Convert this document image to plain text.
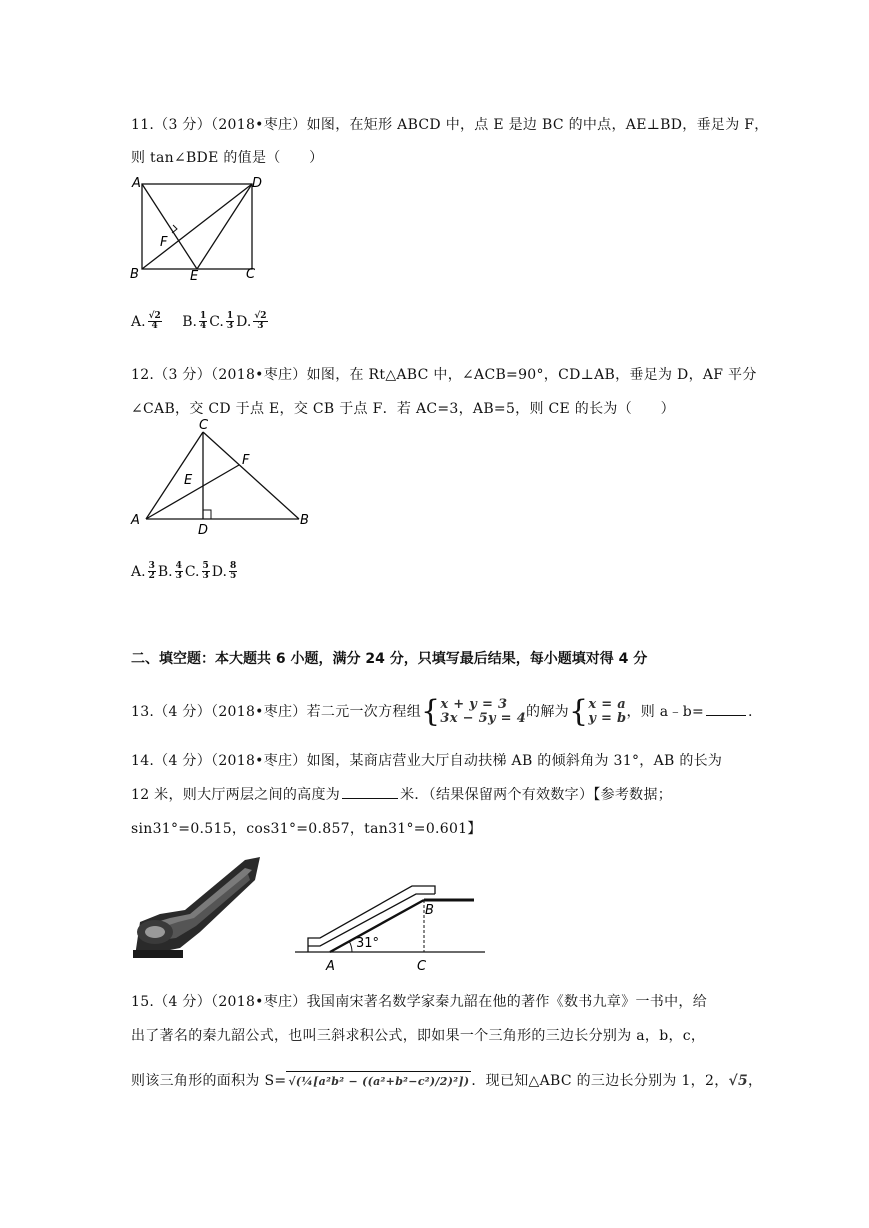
11.（3 分）（2018•枣庄）如图，在矩形 ABCD 中，点 E 是边 BC 的中点，AE⊥BD，垂足为 F，
则 tan∠BDE 的值是（　　）
A	D
B	E	C
F
A. $\frac{√2}{4} B$. $\frac{1}{4} C$. $\frac{1}{3} D$. $\frac{√2}{3}$
12.（3 分）（2018•枣庄）如图，在 Rt△ABC 中，∠ACB=90°，CD⊥AB，垂足为 D，AF 平分
∠CAB，交 CD 于点 E，交 CB 于点 F．若 AC=3，AB=5，则 CE 的长为（　　）
C
F
E
A
D
B
A. $\frac{3}{2} B$. $\frac{4}{3} C$. $\frac{5}{3} D$. $\frac{8}{5}$
二、填空题：本大题共 6 小题，满分 24 分，只填写最后结果，每小题填对得 4 分
13.（4 分）（2018•枣庄）若二元一次方程组{ x + y = 3
3x − 5y = 4 的解为{ x = a
y = b ，则 a﹣b=	.
14.（4 分）（2018•枣庄）如图，某商店营业大厅自动扶梯 AB 的倾斜角为 31°，AB 的长为
12 米，则大厅两层之间的高度为	米．（结果保留两个有效数字）【参考数据；
sin31°=0.515，cos31°=0.857，tan31°=0.601】
31°
B
A	C
15.（4 分）（2018•枣庄）我国南宋著名数学家秦九韶在他的著作《数书九章》一书中，给
出了著名的秦九韶公式，也叫三斜求积公式，即如果一个三角形的三边长分别为 a，b，c，
则该三角形的面积为 S= √(¼[a²b² − ((a²+b²−c²)/2)²]) ．现已知△ABC 的三边长分别为 1，2，√5，
